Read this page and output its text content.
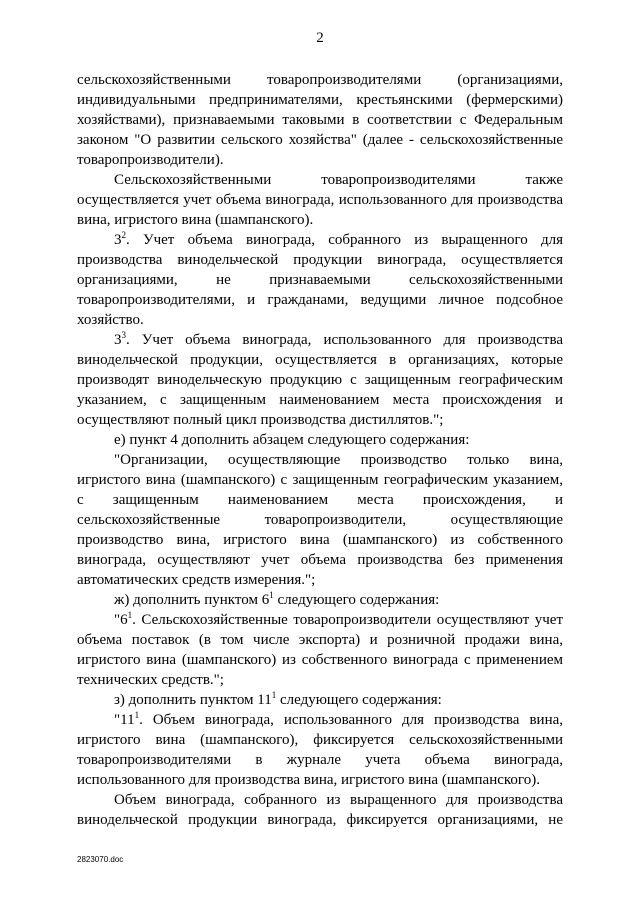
2
сельскохозяйственными товаропроизводителями (организациями,
индивидуальными предпринимателями, крестьянскими (фермерскими)
хозяйствами), признаваемыми таковыми в соответствии с Федеральным
законом "О развитии сельского хозяйства" (далее - сельскохозяйственные
товаропроизводители).
Сельскохозяйственными товаропроизводителями также
осуществляется учет объема винограда, использованного для производства
вина, игристого вина (шампанского).
$3^2$. Учет объема винограда, собранного из выращенного для
производства винодельческой продукции винограда, осуществляется
организациями, не признаваемыми сельскохозяйственными
товаропроизводителями, и гражданами, ведущими личное подсобное
хозяйство.
$3^3$. Учет объема винограда, использованного для производства
винодельческой продукции, осуществляется в организациях, которые
производят винодельческую продукцию с защищенным географическим
указанием, с защищенным наименованием места происхождения и
осуществляют полный цикл производства дистиллятов.";
е) пункт 4 дополнить абзацем следующего содержания:
"Организации, осуществляющие производство только вина,
игристого вина (шампанского) с защищенным географическим указанием,
с защищенным наименованием места происхождения, и
сельскохозяйственные товаропроизводители, осуществляющие
производство вина, игристого вина (шампанского) из собственного
винограда, осуществляют учет объема производства без применения
автоматических средств измерения.";
ж) дополнить пунктом $6^1$ следующего содержания:
"$6^1$. Сельскохозяйственные товаропроизводители осуществляют учет
объема поставок (в том числе экспорта) и розничной продажи вина,
игристого вина (шампанского) из собственного винограда с применением
технических средств.";
з) дополнить пунктом $11^1$ следующего содержания:
"$11^1$. Объем винограда, использованного для производства вина,
игристого вина (шампанского), фиксируется сельскохозяйственными
товаропроизводителями в журнале учета объема винограда,
использованного для производства вина, игристого вина (шампанского).
Объем винограда, собранного из выращенного для производства
винодельческой продукции винограда, фиксируется организациями, не
2823070.doc
